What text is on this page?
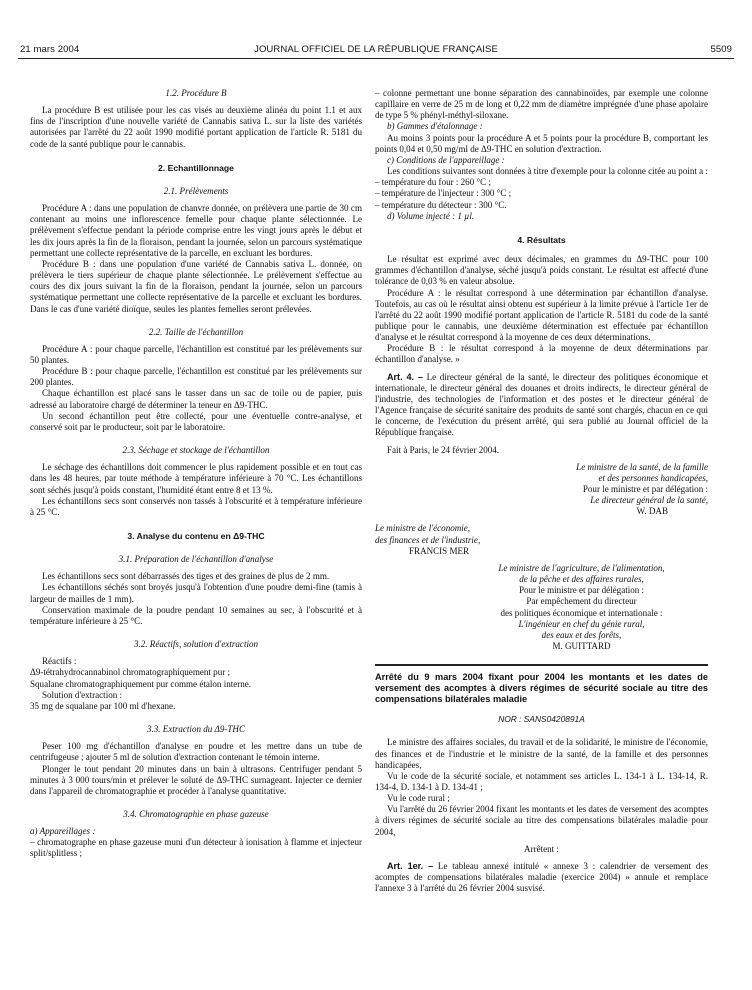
21 mars 2004	JOURNAL OFFICIEL DE LA RÉPUBLIQUE FRANÇAISE	5509

1.2. Procédure B

La procédure B est utilisée pour les cas visés au deuxième alinéa du point 1.1 et aux fins de l'inscription d'une nouvelle variété de Cannabis sativa L. sur la liste des variétés autorisées par l'arrêté du 22 août 1990 modifié portant application de l'article R. 5181 du code de la santé publique pour le cannabis.

2. Echantillonnage

2.1. Prélèvements

Procédure A : dans une population de chanvre donnée, on prélèvera une partie de 30 cm contenant au moins une inflorescence femelle pour chaque plante sélectionnée. Le prélèvement s'effectue pendant la période comprise entre les vingt jours après le début et les dix jours après la fin de la floraison, pendant la journée, selon un parcours systématique permettant une collecte représentative de la parcelle, en excluant les bordures.

Procédure B : dans une population d'une variété de Cannabis sativa L. donnée, on prélèvera le tiers supérieur de chaque plante sélectionnée. Le prélèvement s'effectue au cours des dix jours suivant la fin de la floraison, pendant la journée, selon un parcours systématique permettant une collecte représentative de la parcelle et excluant les bordures. Dans le cas d'une variété dioïque, seules les plantes femelles seront prélevées.

2.2. Taille de l'échantillon

Procédure A : pour chaque parcelle, l'échantillon est constitué par les prélèvements sur 50 plantes.

Procédure B : pour chaque parcelle, l'échantillon est constitué par les prélèvements sur 200 plantes.

Chaque échantillon est placé sans le tasser dans un sac de toile ou de papier, puis adressé au laboratoire chargé de déterminer la teneur en Δ9-THC.

Un second échantillon peut être collecté, pour une éventuelle contre-analyse, et conservé soit par le producteur, soit par le laboratoire.

2.3. Séchage et stockage de l'échantillon

Le séchage des échantillons doit commencer le plus rapidement possible et en tout cas dans les 48 heures, par toute méthode à température inférieure à 70 °C. Les échantillons sont séchés jusqu'à poids constant, l'humidité étant entre 8 et 13 %.

Les échantillons secs sont conservés non tassés à l'obscurité et à température inférieure à 25 °C.

3. Analyse du contenu en Δ9-THC

3.1. Préparation de l'échantillon d'analyse

Les échantillons secs sont débarrassés des tiges et des graines de plus de 2 mm.

Les échantillons séchés sont broyés jusqu'à l'obtention d'une poudre demi-fine (tamis à largeur de mailles de 1 mm).

Conservation maximale de la poudre pendant 10 semaines au sec, à l'obscurité et à température inférieure à 25 °C.

3.2. Réactifs, solution d'extraction

Réactifs :

Δ9-tétrahydrocannabinol chromatographiquement pur ;

Squalane chromatographiquement pur comme étalon interne.

Solution d'extraction :

35 mg de squalane par 100 ml d'hexane.

3.3. Extraction du Δ9-THC

Peser 100 mg d'échantillon d'analyse en poudre et les mettre dans un tube de centrifugeuse ; ajouter 5 ml de solution d'extraction contenant le témoin interne.

Plonger le tout pendant 20 minutes dans un bain à ultrasons. Centrifuger pendant 5 minutes à 3 000 tours/min et prélever le soluté de Δ9-THC surnageant. Injecter ce dernier dans l'appareil de chromatographie et procéder à l'analyse quantitative.

3.4. Chromatographie en phase gazeuse

a) Appareillages :

– chromatographe en phase gazeuse muni d'un détecteur à ionisation à flamme et injecteur split/splitless ;

– colonne permettant une bonne séparation des cannabinoïdes, par exemple une colonne capillaire en verre de 25 m de long et 0,22 mm de diamètre imprégnée d'une phase apolaire de type 5 % phényl-méthyl-siloxane.

b) Gammes d'étalonnage :

Au moins 3 points pour la procédure A et 5 points pour la procédure B, comportant les points 0,04 et 0,50 mg/ml de Δ9-THC en solution d'extraction.

c) Conditions de l'appareillage :

Les conditions suivantes sont données à titre d'exemple pour la colonne citée au point a :

– température du four : 260 °C ;

– température de l'injecteur : 300 °C ;

– température du détecteur : 300 °C.

d) Volume injecté : 1 µl.

4. Résultats

Le résultat est exprimé avec deux décimales, en grammes du Δ9-THC pour 100 grammes d'échantillon d'analyse, séché jusqu'à poids constant. Le résultat est affecté d'une tolérance de 0,03 % en valeur absolue.

Procédure A : le résultat correspond à une détermination par échantillon d'analyse. Toutefois, au cas où le résultat ainsi obtenu est supérieur à la limite prévue à l'article 1er de l'arrêté du 22 août 1990 modifié portant application de l'article R. 5181 du code de la santé publique pour le cannabis, une deuxième détermination est effectuée par échantillon d'analyse et le résultat correspond à la moyenne de ces deux déterminations.

Procédure B : le résultat correspond à la moyenne de deux déterminations par échantillon d'analyse. »

Art. 4. – Le directeur général de la santé, le directeur des politiques économique et internationale, le directeur général des douanes et droits indirects, le directeur général de l'industrie, des technologies de l'information et des postes et le directeur général de l'Agence française de sécurité sanitaire des produits de santé sont chargés, chacun en ce qui le concerne, de l'exécution du présent arrêté, qui sera publié au Journal officiel de la République française.

Fait à Paris, le 24 février 2004.

Le ministre de la santé, de la famille

et des personnes handicapées,

Pour le ministre et par délégation :

Le directeur général de la santé,

W. DAB

Le ministre de l'économie,

des finances et de l'industrie,

FRANCIS MER

Le ministre de l'agriculture, de l'alimentation,

de la pêche et des affaires rurales,

Pour le ministre et par délégation :

Par empêchement du directeur

des politiques économique et internationale :

L'ingénieur en chef du génie rural,

des eaux et des forêts,

M. GUITTARD

Arrêté du 9 mars 2004 fixant pour 2004 les montants et les dates de versement des acomptes à divers régimes de sécurité sociale au titre des compensations bilatérales maladie

NOR : SANS0420891A

Le ministre des affaires sociales, du travail et de la solidarité, le ministre de l'économie, des finances et de l'industrie et le ministre de la santé, de la famille et des personnes handicapées,

Vu le code de la sécurité sociale, et notamment ses articles L. 134-1 à L. 134-14, R. 134-4, D. 134-1 à D. 134-41 ;

Vu le code rural ;

Vu l'arrêté du 26 février 2004 fixant les montants et les dates de versement des acomptes à divers régimes de sécurité sociale au titre des compensations bilatérales maladie pour 2004,

Arrêtent :

Art. 1er. – Le tableau annexé intitulé « annexe 3 : calendrier de versement des acomptes de compensations bilatérales maladie (exercice 2004) » annule et remplace l'annexe 3 à l'arrêté du 26 février 2004 susvisé.
